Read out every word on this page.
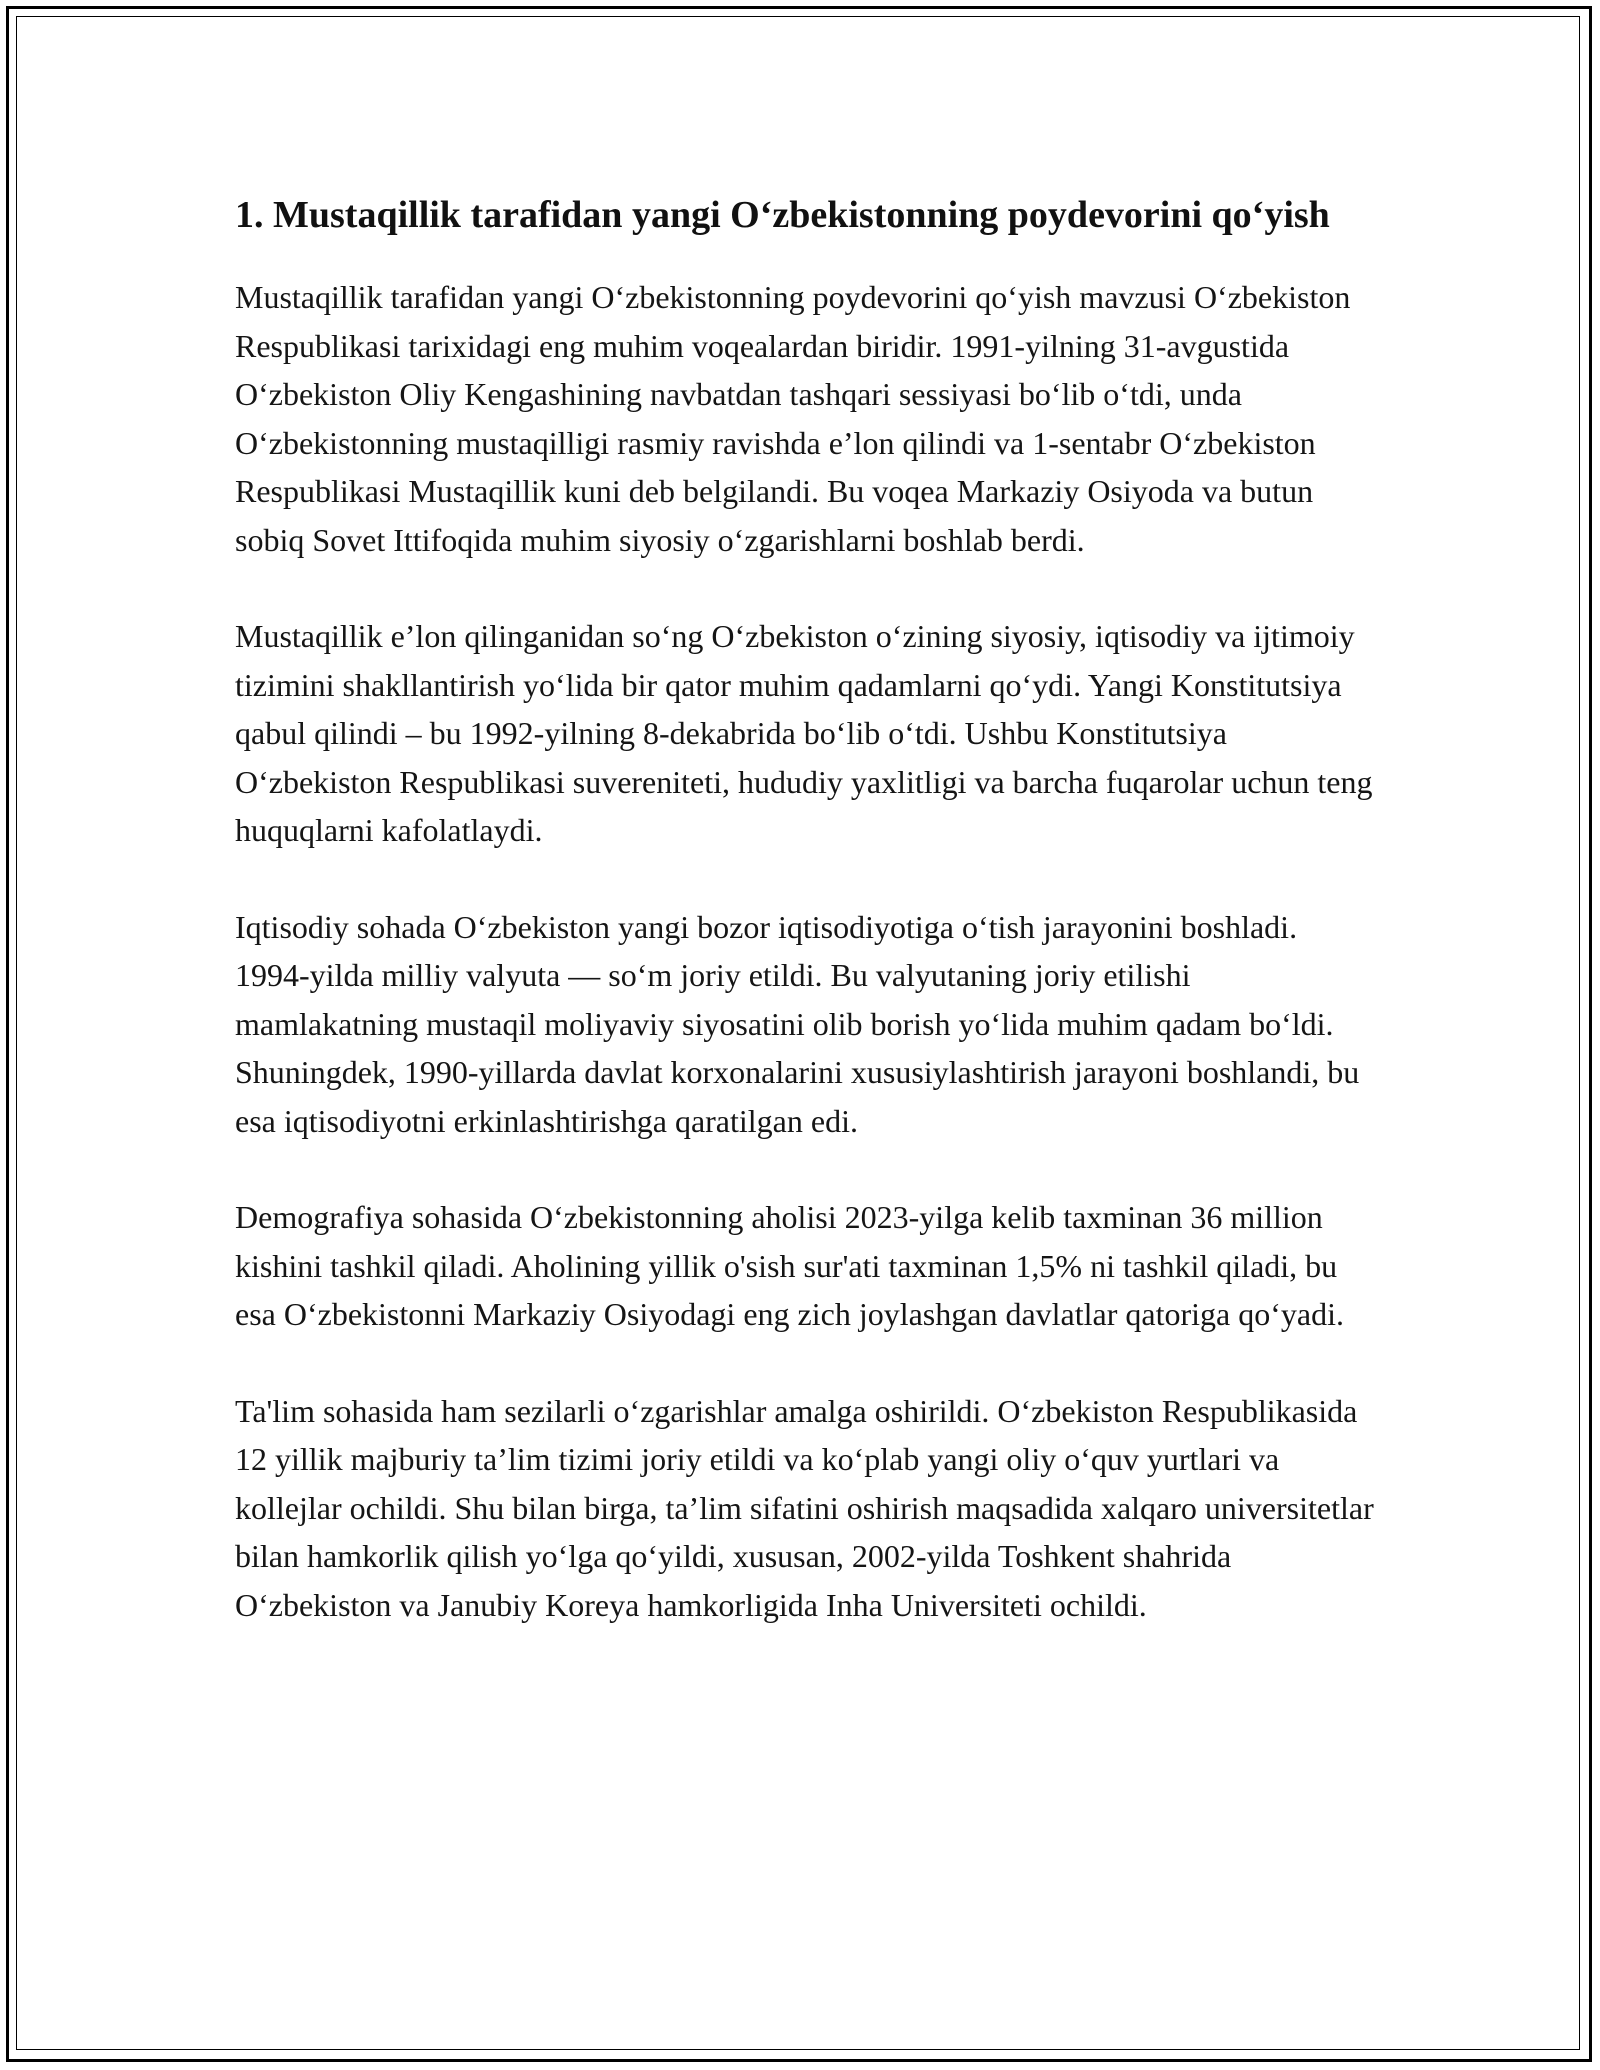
1. Mustaqillik tarafidan yangi O‘zbekistonning poydevorini qo‘yish

Mustaqillik tarafidan yangi O‘zbekistonning poydevorini qo‘yish mavzusi O‘zbekiston Respublikasi tarixidagi eng muhim voqealardan biridir. 1991-yilning 31-avgustida O‘zbekiston Oliy Kengashining navbatdan tashqari sessiyasi bo‘lib o‘tdi, unda O‘zbekistonning mustaqilligi rasmiy ravishda e’lon qilindi va 1-sentabr O‘zbekiston Respublikasi Mustaqillik kuni deb belgilandi. Bu voqea Markaziy Osiyoda va butun sobiq Sovet Ittifoqida muhim siyosiy o‘zgarishlarni boshlab berdi.

Mustaqillik e’lon qilinganidan so‘ng O‘zbekiston o‘zining siyosiy, iqtisodiy va ijtimoiy tizimini shakllantirish yo‘lida bir qator muhim qadamlarni qo‘ydi. Yangi Konstitutsiya qabul qilindi – bu 1992-yilning 8-dekabrida bo‘lib o‘tdi. Ushbu Konstitutsiya O‘zbekiston Respublikasi suvereniteti, hududiy yaxlitligi va barcha fuqarolar uchun teng huquqlarni kafolatlaydi.

Iqtisodiy sohada O‘zbekiston yangi bozor iqtisodiyotiga o‘tish jarayonini boshladi. 1994-yilda milliy valyuta — so‘m joriy etildi. Bu valyutaning joriy etilishi mamlakatning mustaqil moliyaviy siyosatini olib borish yo‘lida muhim qadam bo‘ldi. Shuningdek, 1990-yillarda davlat korxonalarini xususiylashtirish jarayoni boshlandi, bu esa iqtisodiyotni erkinlashtirishga qaratilgan edi.

Demografiya sohasida O‘zbekistonning aholisi 2023-yilga kelib taxminan 36 million kishini tashkil qiladi. Aholining yillik o'sish sur'ati taxminan 1,5% ni tashkil qiladi, bu esa O‘zbekistonni Markaziy Osiyodagi eng zich joylashgan davlatlar qatoriga qo‘yadi.

Ta'lim sohasida ham sezilarli o‘zgarishlar amalga oshirildi. O‘zbekiston Respublikasida 12 yillik majburiy ta’lim tizimi joriy etildi va ko‘plab yangi oliy o‘quv yurtlari va kollejlar ochildi. Shu bilan birga, ta’lim sifatini oshirish maqsadida xalqaro universitetlar bilan hamkorlik qilish yo‘lga qo‘yildi, xususan, 2002-yilda Toshkent shahrida O‘zbekiston va Janubiy Koreya hamkorligida Inha Universiteti ochildi.
